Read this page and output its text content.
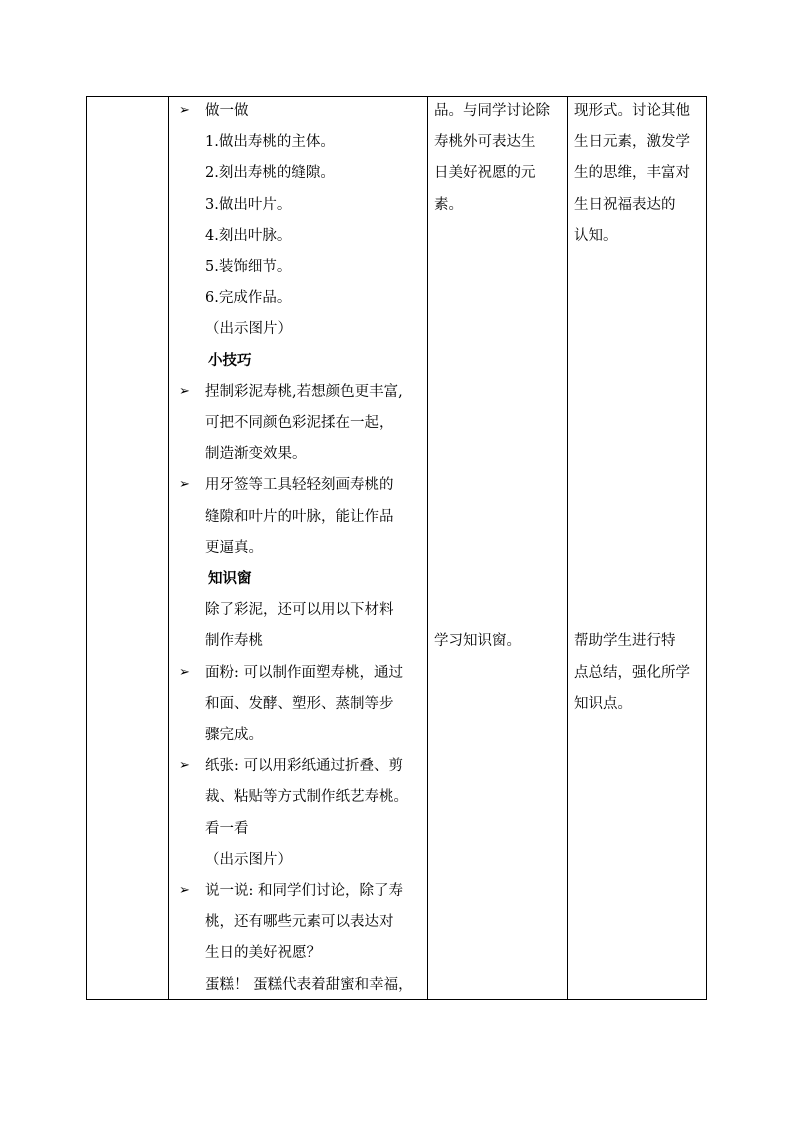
➢ 做一做
1.做出寿桃的主体。
2.刻出寿桃的缝隙。
3.做出叶片。
4.刻出叶脉。
5.装饰细节。
6.完成作品。
（出示图片）
小技巧
➢ 捏制彩泥寿桃,若想颜色更丰富,
可把不同颜色彩泥揉在一起，
制造渐变效果。
➢ 用牙签等工具轻轻刻画寿桃的
缝隙和叶片的叶脉，能让作品
更逼真。
知识窗
除了彩泥，还可以用以下材料
制作寿桃
➢ 面粉: 可以制作面塑寿桃，通过
和面、发酵、塑形、蒸制等步
骤完成。
➢ 纸张: 可以用彩纸通过折叠、剪
裁、粘贴等方式制作纸艺寿桃。
看一看
（出示图片）
➢ 说一说: 和同学们讨论，除了寿
桃，还有哪些元素可以表达对
生日的美好祝愿？
蛋糕！ 蛋糕代表着甜蜜和幸福，
品。与同学讨论除
寿桃外可表达生
日美好祝愿的元
素。
学习知识窗。
现形式。讨论其他
生日元素，激发学
生的思维，丰富对
生日祝福表达的
认知。
帮助学生进行特
点总结，强化所学
知识点。
